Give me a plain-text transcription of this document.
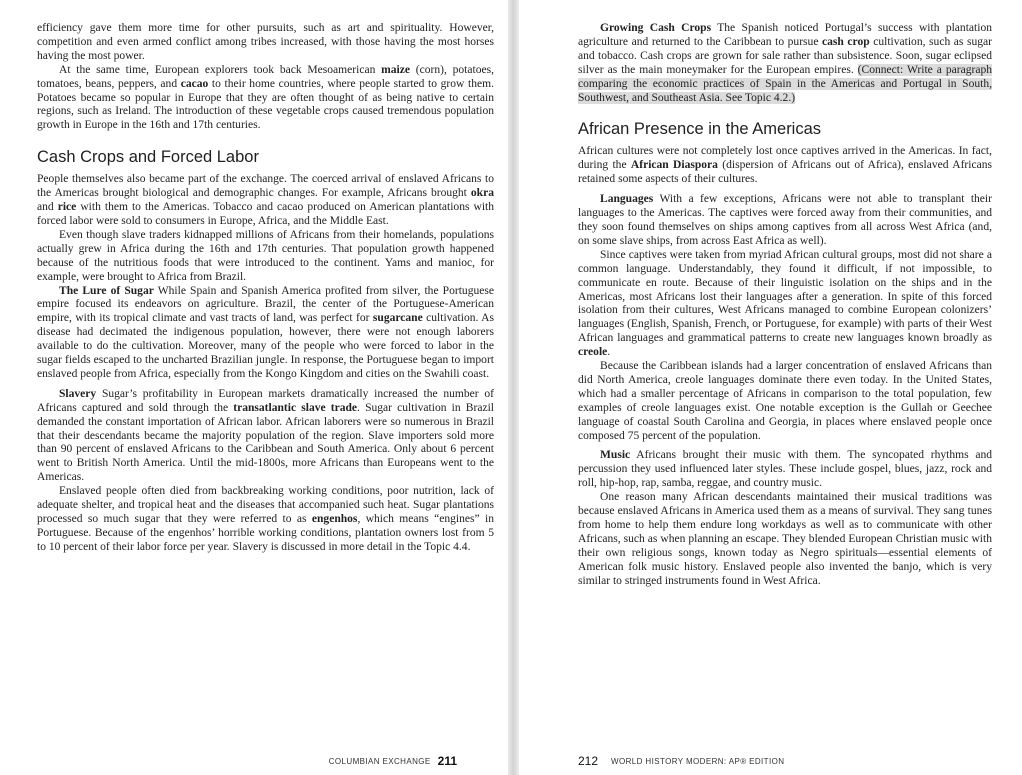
efficiency gave them more time for other pursuits, such as art and spirituality. However, competition and even armed conflict among tribes increased, with those having the most horses having the most power.

At the same time, European explorers took back Mesoamerican maize (corn), potatoes, tomatoes, beans, peppers, and cacao to their home countries, where people started to grow them. Potatoes became so popular in Europe that they are often thought of as being native to certain regions, such as Ireland. The introduction of these vegetable crops caused tremendous population growth in Europe in the 16th and 17th centuries.

Cash Crops and Forced Labor

People themselves also became part of the exchange. The coerced arrival of enslaved Africans to the Americas brought biological and demographic changes. For example, Africans brought okra and rice with them to the Americas. Tobacco and cacao produced on American plantations with forced labor were sold to consumers in Europe, Africa, and the Middle East.

Even though slave traders kidnapped millions of Africans from their homelands, populations actually grew in Africa during the 16th and 17th centuries. That population growth happened because of the nutritious foods that were introduced to the continent. Yams and manioc, for example, were brought to Africa from Brazil.

The Lure of Sugar While Spain and Spanish America profited from silver, the Portuguese empire focused its endeavors on agriculture. Brazil, the center of the Portuguese-American empire, with its tropical climate and vast tracts of land, was perfect for sugarcane cultivation. As disease had decimated the indigenous population, however, there were not enough laborers available to do the cultivation. Moreover, many of the people who were forced to labor in the sugar fields escaped to the uncharted Brazilian jungle. In response, the Portuguese began to import enslaved people from Africa, especially from the Kongo Kingdom and cities on the Swahili coast.

Slavery Sugar’s profitability in European markets dramatically increased the number of Africans captured and sold through the transatlantic slave trade. Sugar cultivation in Brazil demanded the constant importation of African labor. African laborers were so numerous in Brazil that their descendants became the majority population of the region. Slave importers sold more than 90 percent of enslaved Africans to the Caribbean and South America. Only about 6 percent went to British North America. Until the mid-1800s, more Africans than Europeans went to the Americas.

Enslaved people often died from backbreaking working conditions, poor nutrition, lack of adequate shelter, and tropical heat and the diseases that accompanied such heat. Sugar plantations processed so much sugar that they were referred to as engenhos, which means “engines” in Portuguese. Because of the engenhos’ horrible working conditions, plantation owners lost from 5 to 10 percent of their labor force per year. Slavery is discussed in more detail in the Topic 4.4.

COLUMBIAN EXCHANGE 211

Growing Cash Crops The Spanish noticed Portugal’s success with plantation agriculture and returned to the Caribbean to pursue cash crop cultivation, such as sugar and tobacco. Cash crops are grown for sale rather than subsistence. Soon, sugar eclipsed silver as the main moneymaker for the European empires. (Connect: Write a paragraph comparing the economic practices of Spain in the Americas and Portugal in South, Southwest, and Southeast Asia. See Topic 4.2.)

African Presence in the Americas

African cultures were not completely lost once captives arrived in the Americas. In fact, during the African Diaspora (dispersion of Africans out of Africa), enslaved Africans retained some aspects of their cultures.

Languages With a few exceptions, Africans were not able to transplant their languages to the Americas. The captives were forced away from their communities, and they soon found themselves on ships among captives from all across West Africa (and, on some slave ships, from across East Africa as well).

Since captives were taken from myriad African cultural groups, most did not share a common language. Understandably, they found it difficult, if not impossible, to communicate en route. Because of their linguistic isolation on the ships and in the Americas, most Africans lost their languages after a generation. In spite of this forced isolation from their cultures, West Africans managed to combine European colonizers’ languages (English, Spanish, French, or Portuguese, for example) with parts of their West African languages and grammatical patterns to create new languages known broadly as creole.

Because the Caribbean islands had a larger concentration of enslaved Africans than did North America, creole languages dominate there even today. In the United States, which had a smaller percentage of Africans in comparison to the total population, few examples of creole languages exist. One notable exception is the Gullah or Geechee language of coastal South Carolina and Georgia, in places where enslaved people once composed 75 percent of the population.

Music Africans brought their music with them. The syncopated rhythms and percussion they used influenced later styles. These include gospel, blues, jazz, rock and roll, hip-hop, rap, samba, reggae, and country music.

One reason many African descendants maintained their musical traditions was because enslaved Africans in America used them as a means of survival. They sang tunes from home to help them endure long workdays as well as to communicate with other Africans, such as when planning an escape. They blended European Christian music with their own religious songs, known today as Negro spirituals—essential elements of American folk music history. Enslaved people also invented the banjo, which is very similar to stringed instruments found in West Africa.

212 WORLD HISTORY MODERN: AP® EDITION
